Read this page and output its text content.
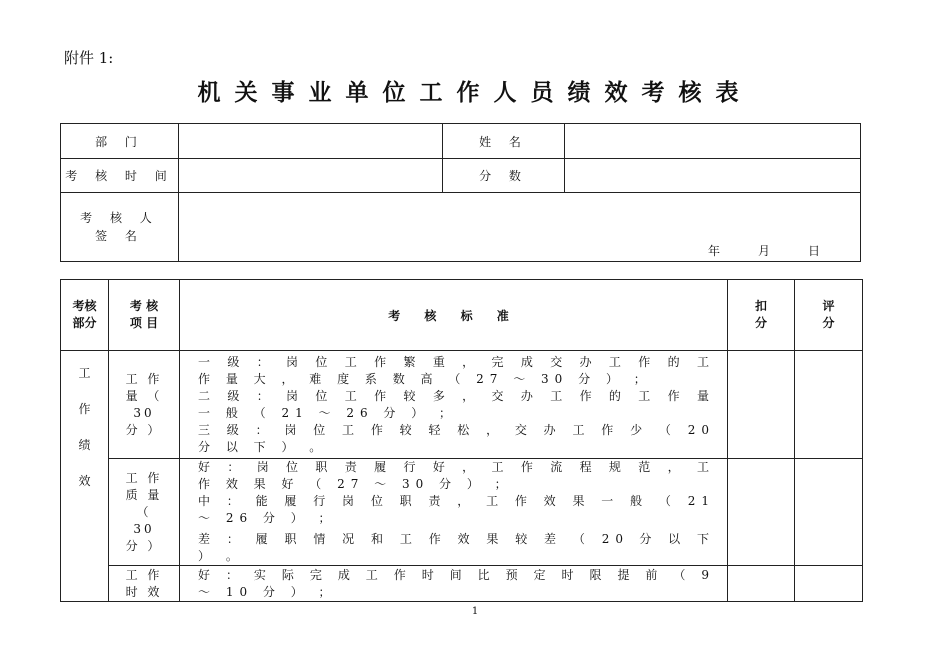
附件 1:
机关事业单位工作人员绩效考核表
部 门		姓 名	
考 核 时 间		分 数	
考 核 人 签 名	年 月 日		
考核部分	考 核 项 目	考 核 标 准	扣分	评分

工作绩效	工 作 量 （ 30 分 ）	一 级 ： 岗 位 工 作 繁 重 ， 完 成 交 办 工 作 的 工 作 量 大 ， 难 度 系 数 高 （ 27 ～ 30 分 ） ；

二 级 ： 岗 位 工 作 较 多 ， 交 办 工 作 的 工 作 量 一 般 （ 21 ～ 26 分 ） ；

三 级 ： 岗 位 工 作 较 轻 松 ， 交 办 工 作 少 （ 20 分 以 下 ） 。		

	工 作 质 量 （ 30 分 ）	好 ： 岗 位 职 责 履 行 好 ， 工 作 流 程 规 范 ， 工 作 效 果 好 （ 27 ～ 30 分 ） ；

中 ： 能 履 行 岗 位 职 责 ， 工 作 效 果 一 般 （ 21 ～ 26 分 ） ；

差 ： 履 职 情 况 和 工 作 效 果 较 差 （ 20 分 以 下 ） 。		

	工 作 时 效	好 ： 实 际 完 成 工 作 时 间 比 预 定 时 限 提 前 （ 9 ～ 10 分 ） ；		

1
